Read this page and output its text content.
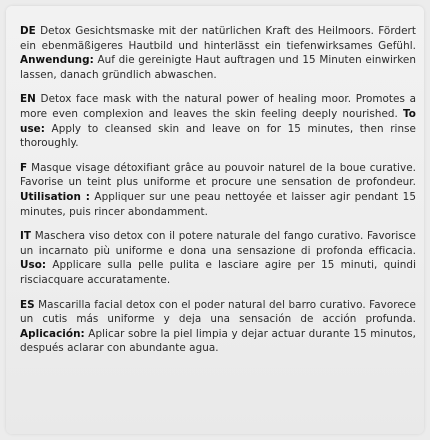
DE Detox Gesichtsmaske mit der natürlichen Kraft des Heilmoors. Fördert ein ebenmäßigeres Hautbild und hinterlässt ein tiefenwirksames Gefühl. Anwendung: Auf die gereinigte Haut auftragen und 15 Minuten einwirken lassen, danach gründlich abwaschen.

EN Detox face mask with the natural power of healing moor. Promotes a more even complexion and leaves the skin feeling deeply nourished. To use: Apply to cleansed skin and leave on for 15 minutes, then rinse thoroughly.

F Masque visage détoxifiant grâce au pouvoir naturel de la boue curative. Favorise un teint plus uniforme et procure une sensation de profondeur. Utilisation : Appliquer sur une peau nettoyée et laisser agir pendant 15 minutes, puis rincer abondamment.

IT Maschera viso detox con il potere naturale del fango curativo. Favorisce un incarnato più uniforme e dona una sensazione di profonda efficacia. Uso: Applicare sulla pelle pulita e lasciare agire per 15 minuti, quindi risciacquare accuratamente.

ES Mascarilla facial detox con el poder natural del barro curativo. Favorece un cutis más uniforme y deja una sensación de acción profunda. Aplicación: Aplicar sobre la piel limpia y dejar actuar durante 15 minutos, después aclarar con abundante agua.
